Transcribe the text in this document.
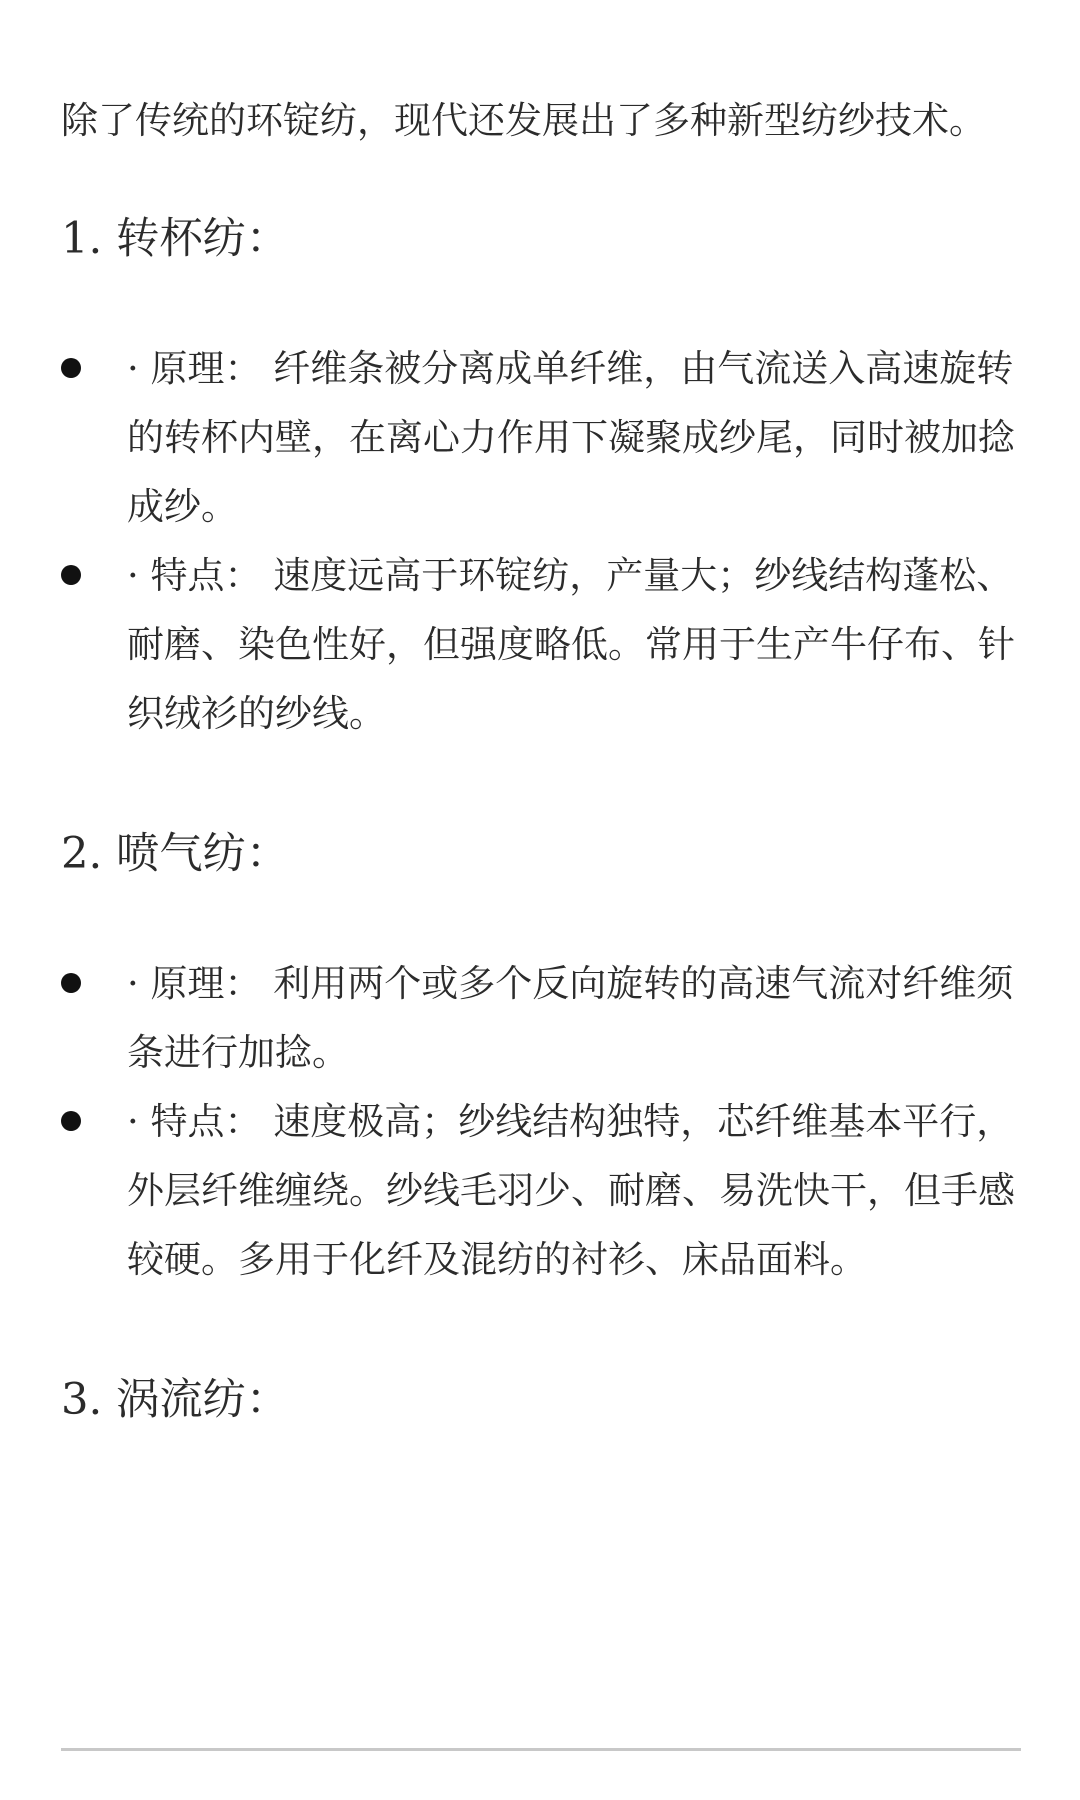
除了传统的环锭纺，现代还发展出了多种新型纺纱技术。

1. 转杯纺：
· 原理： 纤维条被分离成单纤维，由气流送入高速旋转的转杯内壁，在离心力作用下凝聚成纱尾，同时被加捻成纱。
· 特点： 速度远高于环锭纺，产量大；纱线结构蓬松、耐磨、染色性好，但强度略低。常用于生产牛仔布、针织绒衫的纱线。
2. 喷气纺：
· 原理： 利用两个或多个反向旋转的高速气流对纤维须条进行加捻。
· 特点： 速度极高；纱线结构独特，芯纤维基本平行，外层纤维缠绕。纱线毛羽少、耐磨、易洗快干，但手感较硬。多用于化纤及混纺的衬衫、床品面料。
3. 涡流纺：
